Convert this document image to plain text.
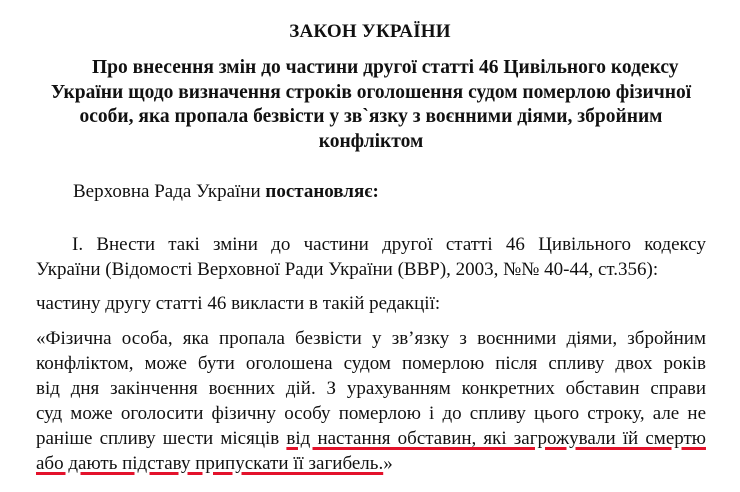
ЗАКОН УКРАЇНИ
Про внесення змін до частини другої статті 46 Цивільного кодексу
України щодо визначення строків оголошення судом померлою фізичної
особи, яка пропала безвісти у зв`язку з воєнними діями, збройним
конфліктом
Верховна Рада України постановляє:
І. Внести такі зміни до частини другої статті 46 Цивільного кодексу
України (Відомості Верховної Ради України (ВВР), 2003, №№ 40-44, ст.356):
частину другу статті 46 викласти в такій редакції:
«Фізична особа, яка пропала безвісти у зв’язку з воєнними діями, збройним
конфліктом, може бути оголошена судом померлою після спливу двох років
від дня закінчення воєнних дій. З урахуванням конкретних обставин справи
суд може оголосити фізичну особу померлою і до спливу цього строку, але не
раніше спливу шести місяців від настання обставин, які загрожували їй смертю
або дають підставу припускати її загибель.»
